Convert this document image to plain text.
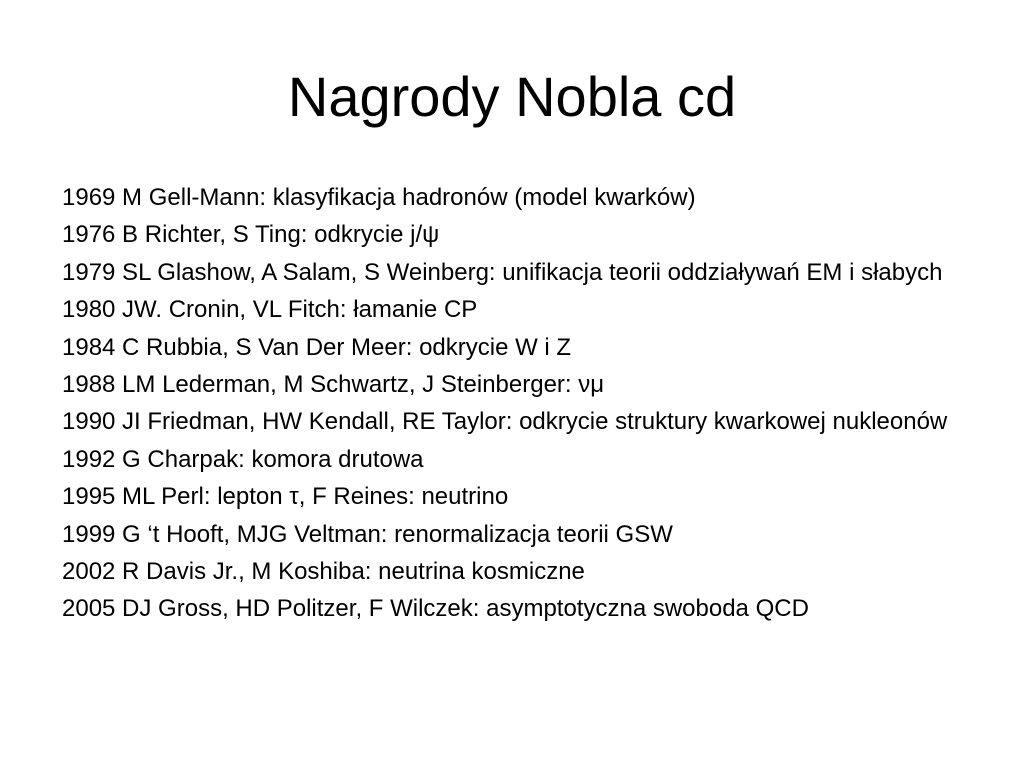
Nagrody Nobla cd
1969 M Gell-Mann: klasyfikacja hadronów (model kwarków)
1976 B Richter, S Ting: odkrycie j/ψ
1979 SL Glashow, A Salam, S Weinberg: unifikacja teorii oddziaływań EM i słabych
1980 JW. Cronin, VL Fitch: łamanie CP
1984 C Rubbia, S Van Der Meer: odkrycie W i Z
1988 LM Lederman, M Schwartz, J Steinberger: νμ
1990 JI Friedman, HW Kendall, RE Taylor: odkrycie struktury kwarkowej nukleonów
1992 G Charpak: komora drutowa
1995 ML Perl: lepton τ, F Reines: neutrino
1999 G ‘t Hooft, MJG Veltman: renormalizacja teorii GSW
2002 R Davis Jr., M Koshiba: neutrina kosmiczne
2005 DJ Gross, HD Politzer, F Wilczek: asymptotyczna swoboda QCD
